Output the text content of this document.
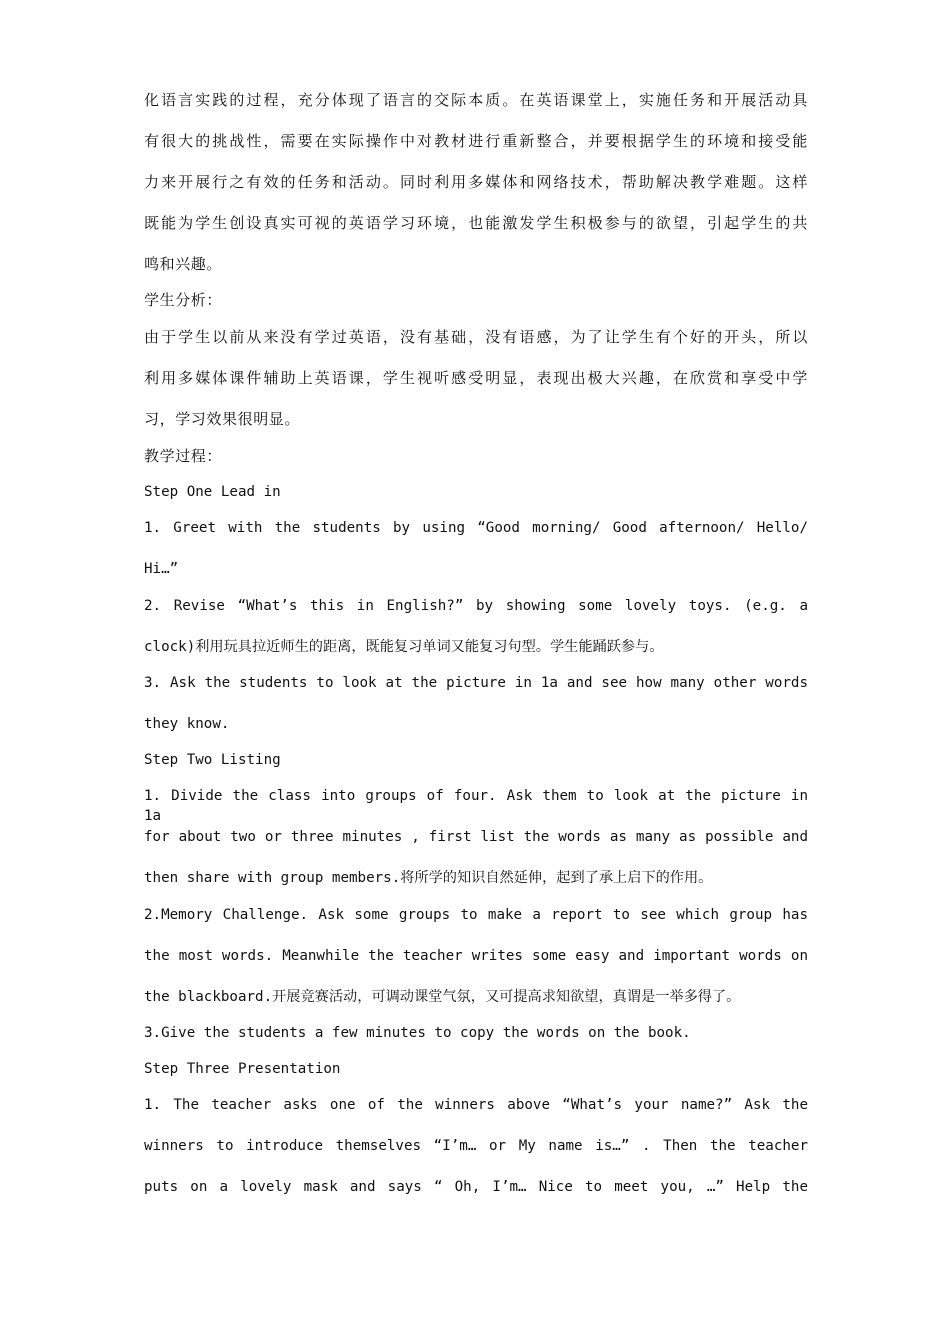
化语言实践的过程，充分体现了语言的交际本质。在英语课堂上，实施任务和开展活动具
有很大的挑战性，需要在实际操作中对教材进行重新整合，并要根据学生的环境和接受能
力来开展行之有效的任务和活动。同时利用多媒体和网络技术，帮助解决教学难题。这样
既能为学生创设真实可视的英语学习环境，也能激发学生积极参与的欲望，引起学生的共
鸣和兴趣。
学生分析：
由于学生以前从来没有学过英语，没有基础，没有语感，为了让学生有个好的开头，所以
利用多媒体课件辅助上英语课，学生视听感受明显，表现出极大兴趣，在欣赏和享受中学
习，学习效果很明显。
教学过程：
Step One Lead in
1. Greet with the students by using “Good morning/ Good afternoon/ Hello/
Hi…”
2. Revise “What’s this in English?” by showing some lovely toys. (e.g. a
clock)利用玩具拉近师生的距离，既能复习单词又能复习句型。学生能踊跃参与。
3. Ask the students to look at the picture in 1a and see how many other words
they know.
Step Two Listing
1. Divide the class into groups of four. Ask them to look at the picture in 1a
for about two or three minutes , first list the words as many as possible and
then share with group members.将所学的知识自然延伸，起到了承上启下的作用。
2.Memory Challenge. Ask some groups to make a report to see which group has
the most words. Meanwhile the teacher writes some easy and important words on
the blackboard.开展竞赛活动，可调动课堂气氛，又可提高求知欲望，真谓是一举多得了。
3.Give the students a few minutes to copy the words on the book.
Step Three Presentation
1. The teacher asks one of the winners above “What’s your name?” Ask the
winners to introduce themselves “I’m… or My name is…” . Then the teacher
puts on a lovely mask and says “ Oh, I’m… Nice to meet you, …” Help the
